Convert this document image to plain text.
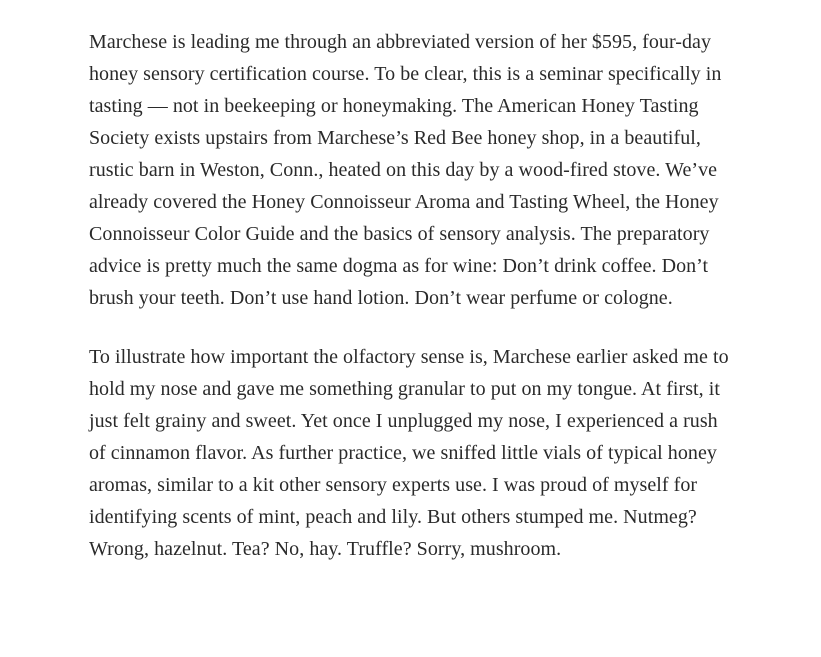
Marchese is leading me through an abbreviated version of her $595, four-day honey sensory certification course. To be clear, this is a seminar specifically in tasting — not in beekeeping or honeymaking. The American Honey Tasting Society exists upstairs from Marchese’s Red Bee honey shop, in a beautiful, rustic barn in Weston, Conn., heated on this day by a wood-fired stove. We’ve already covered the Honey Connoisseur Aroma and Tasting Wheel, the Honey Connoisseur Color Guide and the basics of sensory analysis. The preparatory advice is pretty much the same dogma as for wine: Don’t drink coffee. Don’t brush your teeth. Don’t use hand lotion. Don’t wear perfume or cologne.

To illustrate how important the olfactory sense is, Marchese earlier asked me to hold my nose and gave me something granular to put on my tongue. At first, it just felt grainy and sweet. Yet once I unplugged my nose, I experienced a rush of cinnamon flavor. As further practice, we sniffed little vials of typical honey aromas, similar to a kit other sensory experts use. I was proud of myself for identifying scents of mint, peach and lily. But others stumped me. Nutmeg? Wrong, hazelnut. Tea? No, hay. Truffle? Sorry, mushroom.
